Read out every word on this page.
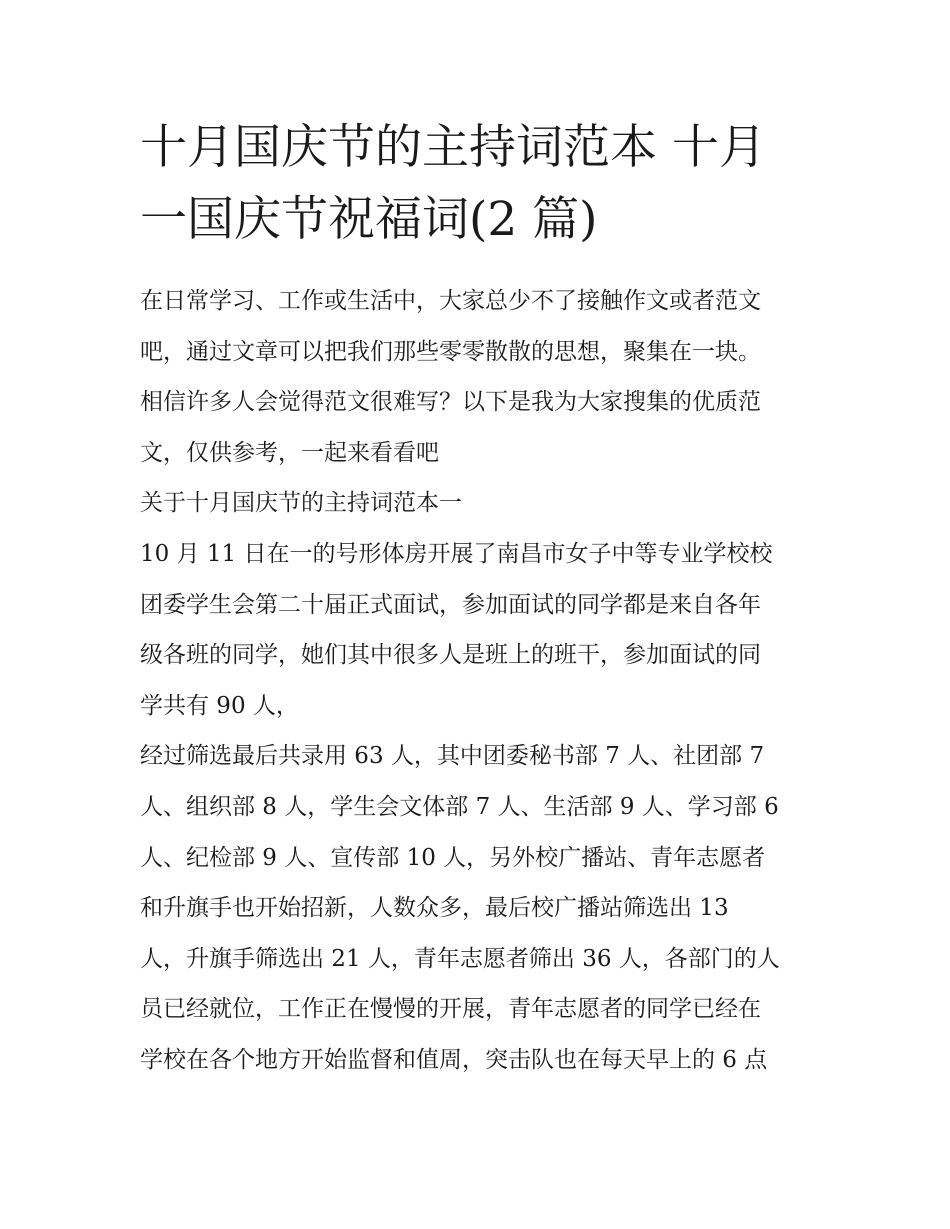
十月国庆节的主持词范本 十月
一国庆节祝福词(2 篇)
在日常学习、工作或生活中，大家总少不了接触作文或者范文
吧，通过文章可以把我们那些零零散散的思想，聚集在一块。
相信许多人会觉得范文很难写？以下是我为大家搜集的优质范
文，仅供参考，一起来看看吧
关于十月国庆节的主持词范本一
10 月 11 日在一的号形体房开展了南昌市女子中等专业学校校
团委学生会第二十届正式面试，参加面试的同学都是来自各年
级各班的同学，她们其中很多人是班上的班干，参加面试的同
学共有 90 人，
经过筛选最后共录用 63 人，其中团委秘书部 7 人、社团部 7
人、组织部 8 人，学生会文体部 7 人、生活部 9 人、学习部 6
人、纪检部 9 人、宣传部 10 人，另外校广播站、青年志愿者
和升旗手也开始招新，人数众多，最后校广播站筛选出 13
人，升旗手筛选出 21 人，青年志愿者筛出 36 人，各部门的人
员已经就位，工作正在慢慢的开展，青年志愿者的同学已经在
学校在各个地方开始监督和值周，突击队也在每天早上的 6 点
